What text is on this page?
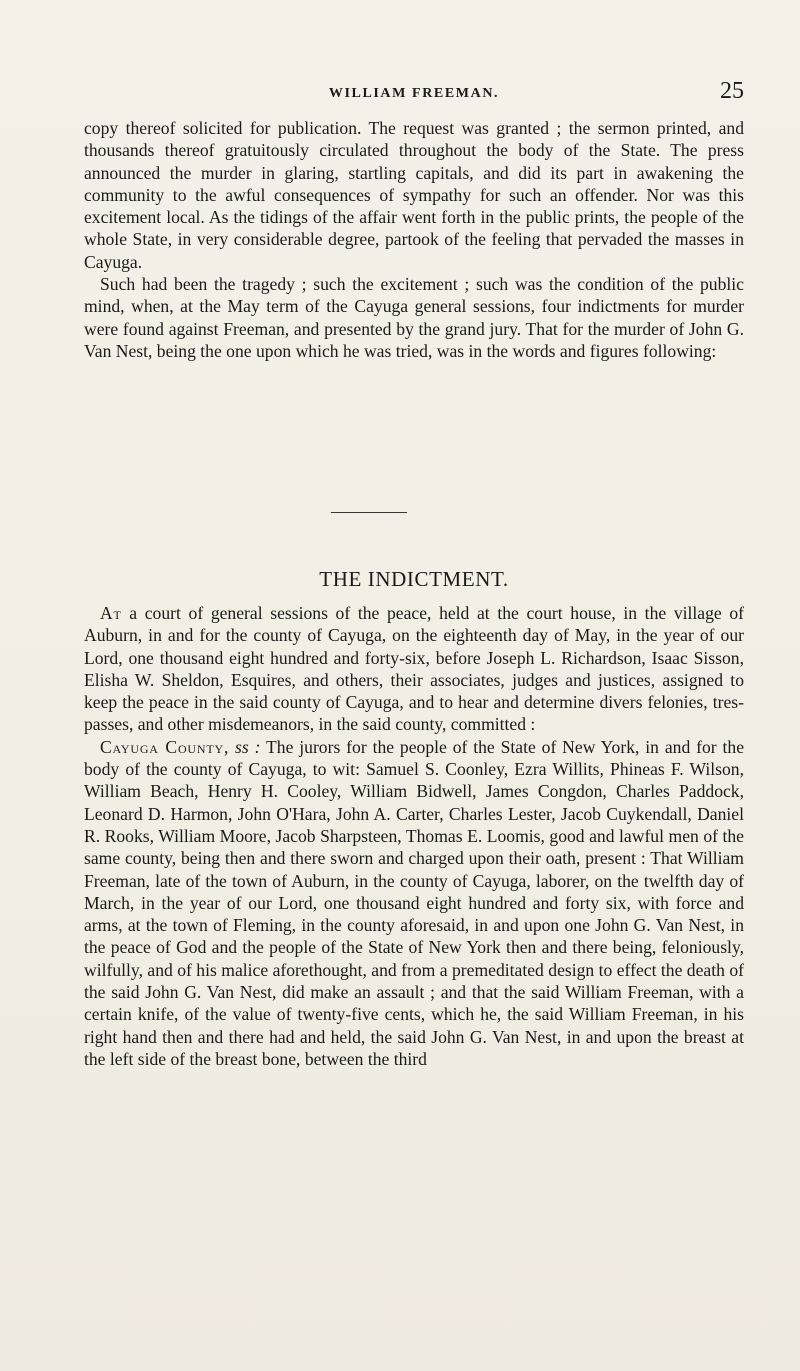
WILLIAM FREEMAN.	25

copy thereof solicited for publication. The request was granted ; the sermon printed, and thousands thereof gratuitously circulated throughout the body of the State. The press announced the murder in glaring, startling capitals, and did its part in awakening the community to the awful consequences of sympathy for such an offender. Nor was this excitement local. As the tidings of the affair went forth in the public prints, the people of the whole State, in very considerable degree, partook of the feeling that pervaded the masses in Cayuga.

Such had been the tragedy ; such the excitement ; such was the condition of the public mind, when, at the May term of the Cayuga general sessions, four indictments for murder were found against Freeman, and presented by the grand jury. That for the murder of John G. Van Nest, being the one upon which he was tried, was in the words and figures following:

THE INDICTMENT.

At a court of general sessions of the peace, held at the court house, in the village of Auburn, in and for the county of Cayuga, on the eighteenth day of May, in the year of our Lord, one thousand eight hundred and forty-six, before Joseph L. Richardson, Isaac Sisson, Elisha W. Sheldon, Esquires, and others, their associates, judges and justices, assigned to keep the peace in the said county of Cayuga, and to hear and determine divers felonies, tres-passes, and other misdemeanors, in the said county, committed :

Cayuga County, ss : The jurors for the people of the State of New York, in and for the body of the county of Cayuga, to wit: Samuel S. Coonley, Ezra Willits, Phineas F. Wilson, William Beach, Henry H. Cooley, William Bidwell, James Congdon, Charles Paddock, Leonard D. Harmon, John O'Hara, John A. Carter, Charles Lester, Jacob Cuykendall, Daniel R. Rooks, William Moore, Jacob Sharpsteen, Thomas E. Loomis, good and lawful men of the same county, being then and there sworn and charged upon their oath, present : That William Freeman, late of the town of Auburn, in the county of Cayuga, laborer, on the twelfth day of March, in the year of our Lord, one thousand eight hundred and forty six, with force and arms, at the town of Fleming, in the county aforesaid, in and upon one John G. Van Nest, in the peace of God and the people of the State of New York then and there being, feloniously, wilfully, and of his malice aforethought, and from a premeditated design to effect the death of the said John G. Van Nest, did make an assault ; and that the said William Freeman, with a certain knife, of the value of twenty-five cents, which he, the said William Freeman, in his right hand then and there had and held, the said John G. Van Nest, in and upon the breast at the left side of the breast bone, between the third
